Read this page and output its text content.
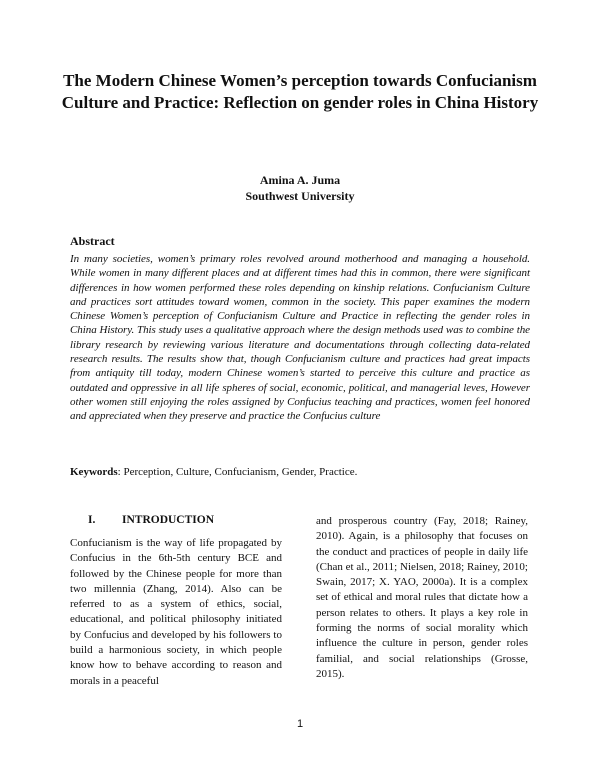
The Modern Chinese Women’s perception towards Confucianism Culture and Practice: Reflection on gender roles in China History
Amina A. Juma
Southwest University
Abstract
In many societies, women’s primary roles revolved around motherhood and managing a household. While women in many different places and at different times had this in common, there were significant differences in how women performed these roles depending on kinship relations. Confucianism Culture and practices sort attitudes toward women, common in the society. This paper examines the modern Chinese Women’s perception of Confucianism Culture and Practice in reflecting the gender roles in China History. This study uses a qualitative approach where the design methods used was to combine the library research by reviewing various literature and documentations through collecting data-related research results. The results show that, though Confucianism culture and practices had great impacts from antiquity till today, modern Chinese women’s started to perceive this culture and practice as outdated and oppressive in all life spheres of social, economic, political, and managerial leves, However other women still enjoying the roles assigned by Confucius teaching and practices, women feel honored and appreciated when they preserve and practice the Confucius culture
Keywords: Perception, Culture, Confucianism, Gender, Practice.
I.	INTRODUCTION
Confucianism is the way of life propagated by Confucius in the 6th-5th century BCE and followed by the Chinese people for more than two millennia (Zhang, 2014). Also can be referred to as a system of ethics, social, educational, and political philosophy initiated by Confucius and developed by his followers to build a harmonious society, in which people know how to behave according to reason and morals in a peaceful
and prosperous country (Fay, 2018; Rainey, 2010). Again, is a philosophy that focuses on the conduct and practices of people in daily life (Chan et al., 2011; Nielsen, 2018; Rainey, 2010; Swain, 2017; X. YAO, 2000a). It is a complex set of ethical and moral rules that dictate how a person relates to others. It plays a key role in forming the norms of social morality which influence the culture in person, gender roles familial, and social relationships (Grosse, 2015).
1
